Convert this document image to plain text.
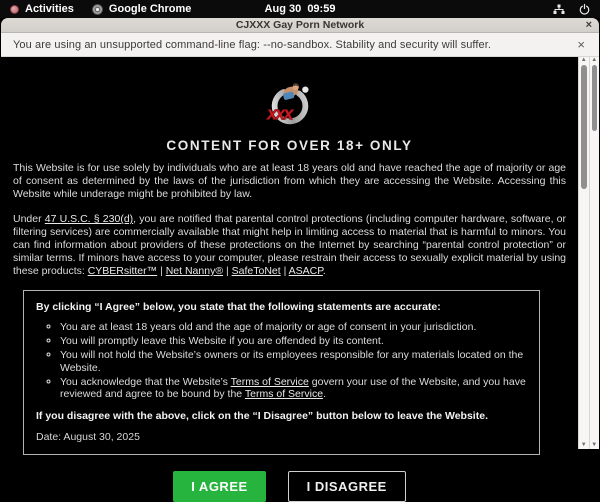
Activities	Google Chrome	Aug 30  09:59
CJXXX Gay Porn Network	×
You are using an unsupported command-line flag: --no-sandbox. Stability and security will suffer.	×
xxx
CONTENT FOR OVER 18+ ONLY

This Website is for use solely by individuals who are at least 18 years old and have reached the age of majority or age of consent as determined by the laws of the jurisdiction from which they are accessing the Website. Accessing this Website while underage might be prohibited by law.

Under 47 U.S.C. § 230(d), you are notified that parental control protections (including computer hardware, software, or filtering services) are commercially available that might help in limiting access to material that is harmful to minors. You can find information about providers of these protections on the Internet by searching “parental control protection” or similar terms. If minors have access to your computer, please restrain their access to sexually explicit material by using these products: CYBERsitter™ | Net Nanny® | SafeToNet | ASACP.

By clicking “I Agree” below, you state that the following statements are accurate:
◦ You are at least 18 years old and the age of majority or age of consent in your jurisdiction.
◦ You will promptly leave this Website if you are offended by its content.
◦ You will not hold the Website’s owners or its employees responsible for any materials located on the Website.
◦ You acknowledge that the Website’s Terms of Service govern your use of the Website, and you have reviewed and agree to be bound by the Terms of Service.
If you disagree with the above, click on the “I Disagree” button below to leave the Website.
Date: August 30, 2025
I AGREE	I DISAGREE
▲
▼
▲
▼
